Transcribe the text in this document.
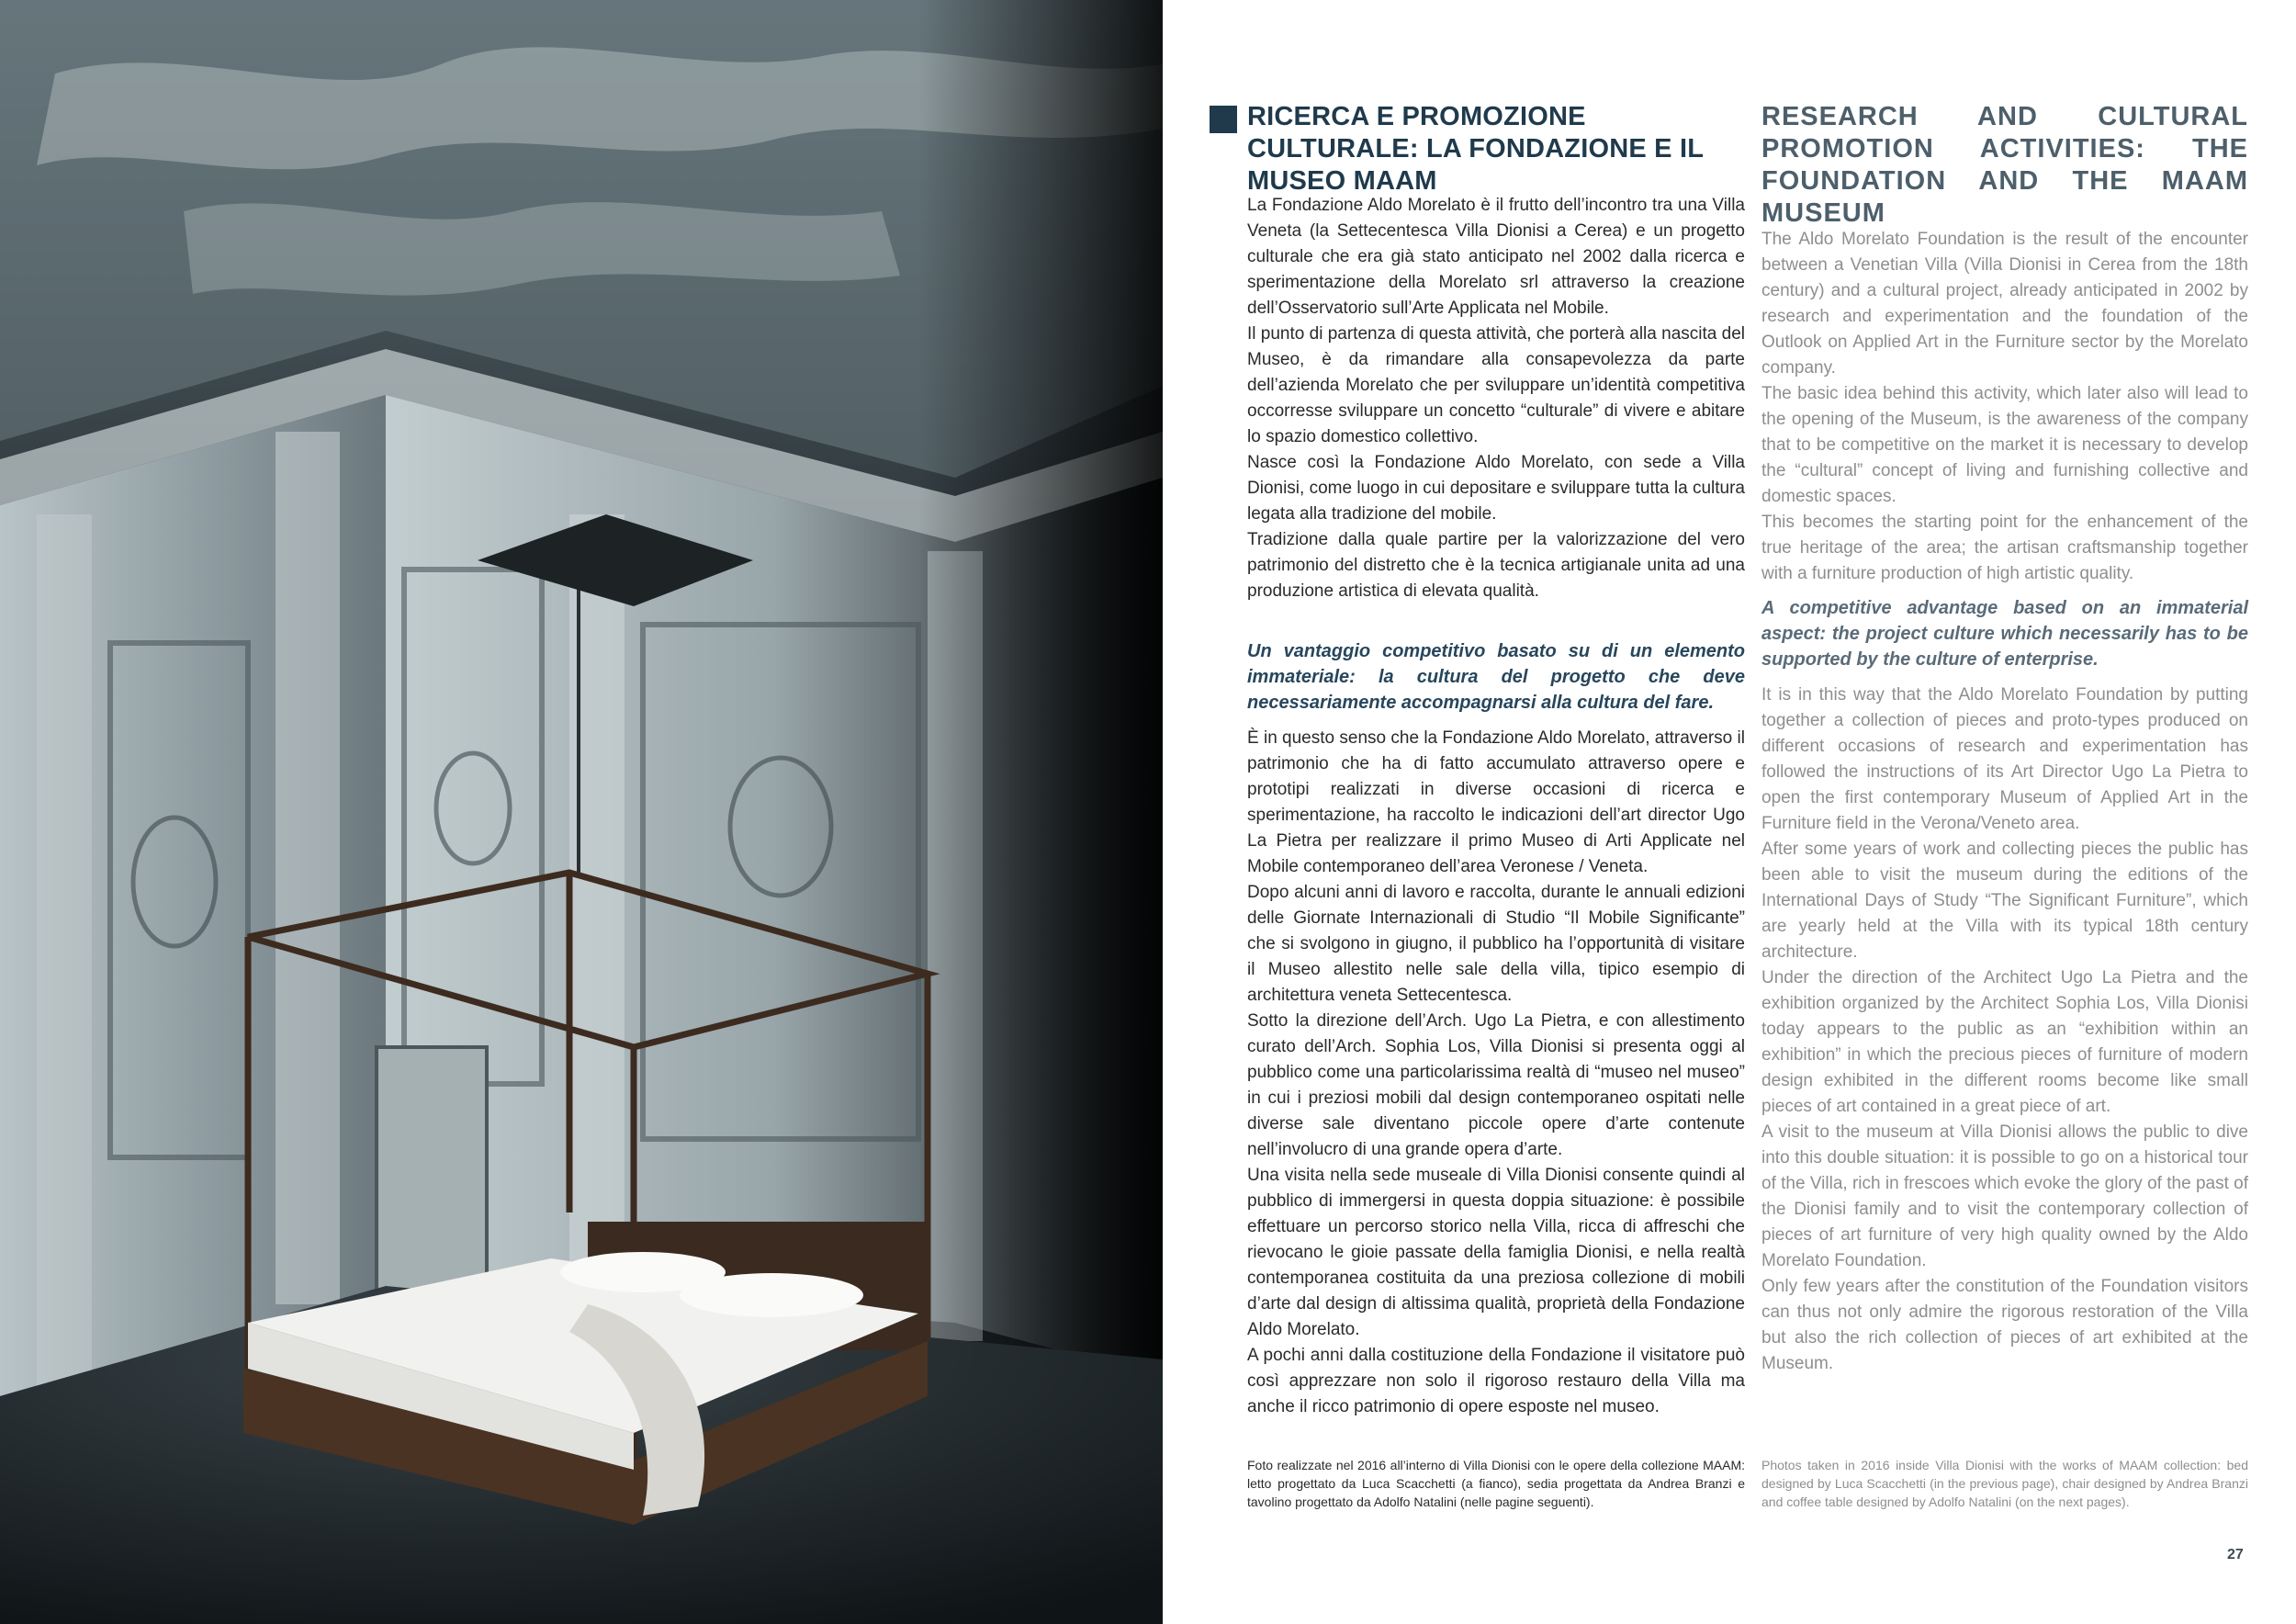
RICERCA E PROMOZIONE CULTURALE: LA FONDAZIONE E IL MUSEO MAAM
RESEARCH AND CULTURAL PROMOTION ACTIVITIES: THE FOUNDATION AND THE MAAM MUSEUM

La Fondazione Aldo Morelato è il frutto dell’incontro tra una Villa Veneta (la Settecentesca Villa Dionisi a Cerea) e un progetto culturale che era già stato anticipato nel 2002 dalla ricerca e sperimentazione della Morelato srl attraverso la creazione dell’Osservatorio sull’Arte Applicata nel Mobile.

Il punto di partenza di questa attività, che porterà alla nascita del Museo, è da rimandare alla consapevolezza da parte dell’azienda Morelato che per sviluppare un’identità competitiva occorresse sviluppare un concetto “culturale” di vivere e abitare lo spazio domestico collettivo.

Nasce così la Fondazione Aldo Morelato, con sede a Villa Dionisi, come luogo in cui depositare e sviluppare tutta la cultura legata alla tradizione del mobile.

Tradizione dalla quale partire per la valorizzazione del vero patrimonio del distretto che è la tecnica artigianale unita ad una produzione artistica di elevata qualità.

Un vantaggio competitivo basato su di un elemento immateriale: la cultura del progetto che deve necessariamente accompagnarsi alla cultura del fare.

È in questo senso che la Fondazione Aldo Morelato, attraverso il patrimonio che ha di fatto accumulato attraverso opere e prototipi realizzati in diverse occasioni di ricerca e sperimentazione, ha raccolto le indicazioni dell’art director Ugo La Pietra per realizzare il primo Museo di Arti Applicate nel Mobile contemporaneo dell’area Veronese / Veneta.

Dopo alcuni anni di lavoro e raccolta, durante le annuali edizioni delle Giornate Internazionali di Studio “Il Mobile Significante” che si svolgono in giugno, il pubblico ha l’opportunità di visitare il Museo allestito nelle sale della villa, tipico esempio di architettura veneta Settecentesca.

Sotto la direzione dell’Arch. Ugo La Pietra, e con allestimento curato dell’Arch. Sophia Los, Villa Dionisi si presenta oggi al pubblico come una particolarissima realtà di “museo nel museo” in cui i preziosi mobili dal design contemporaneo ospitati nelle diverse sale diventano piccole opere d’arte contenute nell’involucro di una grande opera d’arte.

Una visita nella sede museale di Villa Dionisi consente quindi al pubblico di immergersi in questa doppia situazione: è possibile effettuare un percorso storico nella Villa, ricca di affreschi che rievocano le gioie passate della famiglia Dionisi, e nella realtà contemporanea costituita da una preziosa collezione di mobili d’arte dal design di altissima qualità, proprietà della Fondazione Aldo Morelato.

A pochi anni dalla costituzione della Fondazione il visitatore può così apprezzare non solo il rigoroso restauro della Villa ma anche il ricco patrimonio di opere esposte nel museo.

The Aldo Morelato Foundation is the result of the encounter between a Venetian Villa (Villa Dionisi in Cerea from the 18th century) and a cultural project, already anticipated in 2002 by research and experimentation and the foundation of the Outlook on Applied Art in the Furniture sector by the Morelato company.

The basic idea behind this activity, which later also will lead to the opening of the Museum, is the awareness of the company that to be competitive on the market it is necessary to develop the “cultural” concept of living and furnishing collective and domestic spaces.

This becomes the starting point for the enhancement of the true heritage of the area; the artisan craftsmanship together with a furniture production of high artistic quality.

A competitive advantage based on an immaterial aspect: the project culture which necessarily has to be supported by the culture of enterprise.

It is in this way that the Aldo Morelato Foundation by putting together a collection of pieces and proto-types produced on different occasions of research and experimentation has followed the instructions of its Art Director Ugo La Pietra to open the first contemporary Museum of Applied Art in the Furniture field in the Verona/Veneto area.

After some years of work and collecting pieces the public has been able to visit the museum during the editions of the International Days of Study “The Significant Furniture”, which are yearly held at the Villa with its typical 18th century architecture.

Under the direction of the Architect Ugo La Pietra and the exhibition organized by the Architect Sophia Los, Villa Dionisi today appears to the public as an “exhibition within an exhibition” in which the precious pieces of furniture of modern design exhibited in the different rooms become like small pieces of art contained in a great piece of art.

A visit to the museum at Villa Dionisi allows the public to dive into this double situation: it is possible to go on a historical tour of the Villa, rich in frescoes which evoke the glory of the past of the Dionisi family and to visit the contemporary collection of pieces of art furniture of very high quality owned by the Aldo Morelato Foundation.

Only few years after the constitution of the Foundation visitors can thus not only admire the rigorous restoration of the Villa but also the rich collection of pieces of art exhibited at the Museum.

Foto realizzate nel 2016 all’interno di Villa Dionisi con le opere della collezione MAAM: letto progettato da Luca Scacchetti (a fianco), sedia progettata da Andrea Branzi e tavolino progettato da Adolfo Natalini (nelle pagine seguenti).

Photos taken in 2016 inside Villa Dionisi with the works of MAAM collection: bed designed by Luca Scacchetti (in the previous page), chair designed by Andrea Branzi and coffee table designed by Adolfo Natalini (on the next pages).

27
